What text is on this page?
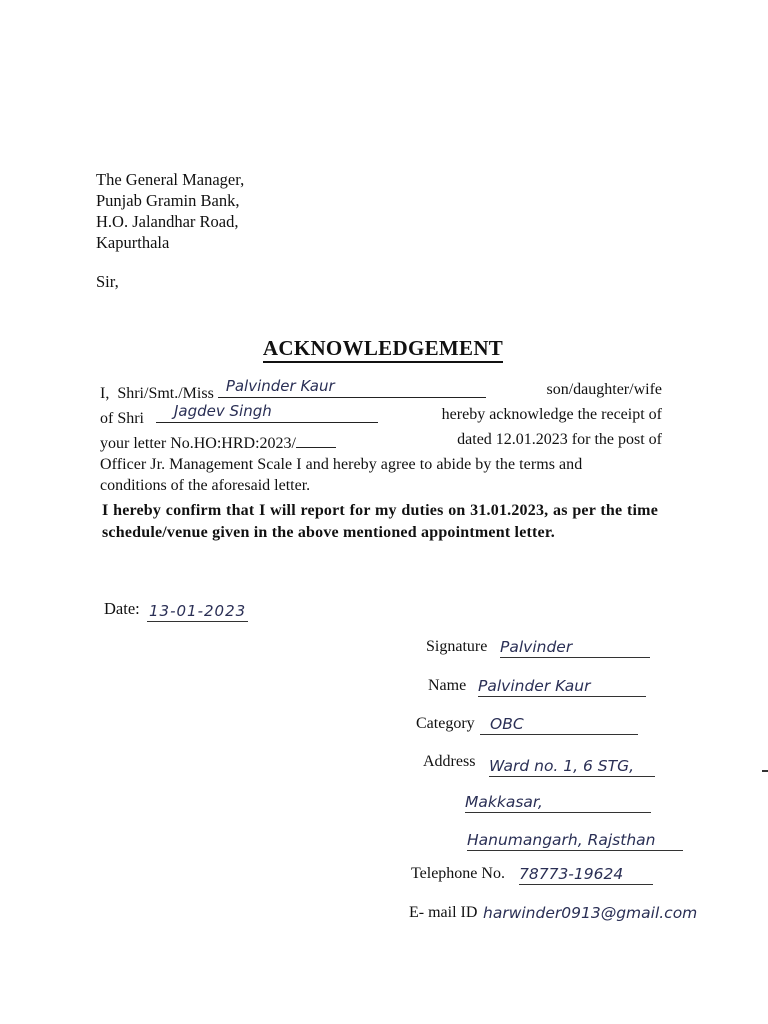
The General Manager,
Punjab Gramin Bank,
H.O. Jalandhar Road,
Kapurthala
Sir,
ACKNOWLEDGEMENT
I, Shri/Smt./Miss Palvinder Kaur	son/daughter/wife
of Shri Jagdev Singh	hereby acknowledge the receipt of
your letter No.HO:HRD:2023/	dated 12.01.2023 for the post of
Officer Jr. Management Scale I and hereby agree to abide by the terms and
conditions of the aforesaid letter.
I hereby confirm that I will report for my duties on 31.01.2023, as per the time schedule/venue given in the above mentioned appointment letter.
Date: 13-01-2023
Signature Palvinder
Name Palvinder Kaur
Category OBC
Address Ward no. 1, 6 STG,
Makkasar,
Hanumangarh, Rajsthan
Telephone No. 78773-19624
E- mail ID harwinder0913@gmail.com
